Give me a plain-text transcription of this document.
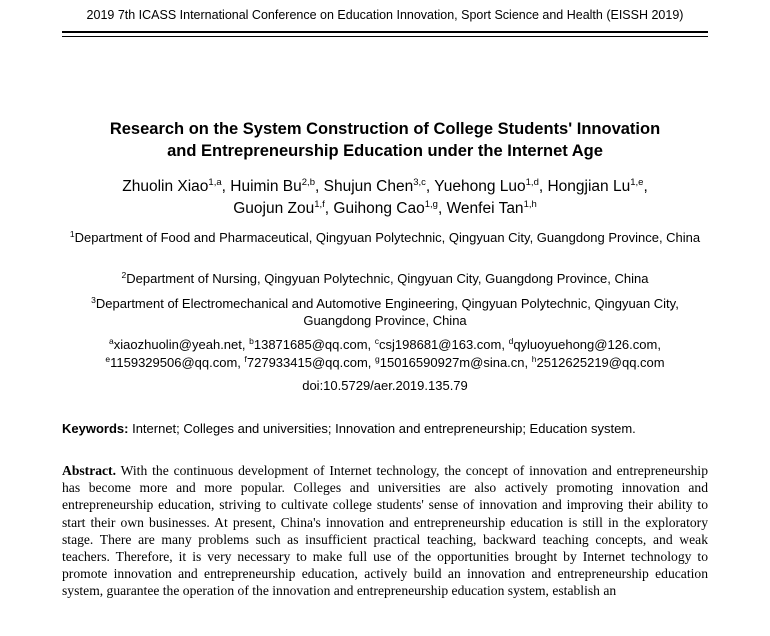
2019 7th ICASS International Conference on Education Innovation, Sport Science and Health (EISSH 2019)
Research on the System Construction of College Students' Innovation
and Entrepreneurship Education under the Internet Age
Zhuolin Xiao$^{1,a}$, Huimin Bu$^{2,b}$, Shujun Chen$^{3,c}$, Yuehong Luo$^{1,d}$, Hongjian Lu$^{1,e}$,
Guojun Zou$^{1,f}$, Guihong Cao$^{1,g}$, Wenfei Tan$^{1,h}$
$^1$Department of Food and Pharmaceutical, Qingyuan Polytechnic, Qingyuan City, Guangdong Province, China
$^2$Department of Nursing, Qingyuan Polytechnic, Qingyuan City, Guangdong Province, China
$^3$Department of Electromechanical and Automotive Engineering, Qingyuan Polytechnic, Qingyuan City, Guangdong Province, China
$^a$xiaozhuolin@yeah.net, $^b$13871685@qq.com, $^c$csj198681@163.com, $^d$qyluoyuehong@126.com,
$^e$1159329506@qq.com, $^f$727933415@qq.com, $^g$15016590927m@sina.cn, $^h$2512625219@qq.com
doi:10.5729/aer.2019.135.79
Keywords: Internet; Colleges and universities; Innovation and entrepreneurship; Education system.
Abstract. With the continuous development of Internet technology, the concept of innovation and entrepreneurship has become more and more popular. Colleges and universities are also actively promoting innovation and entrepreneurship education, striving to cultivate college students' sense of innovation and improving their ability to start their own businesses. At present, China's innovation and entrepreneurship education is still in the exploratory stage. There are many problems such as insufficient practical teaching, backward teaching concepts, and weak teachers. Therefore, it is very necessary to make full use of the opportunities brought by Internet technology to promote innovation and entrepreneurship education, actively build an innovation and entrepreneurship education system, guarantee the operation of the innovation and entrepreneurship education system, establish an
